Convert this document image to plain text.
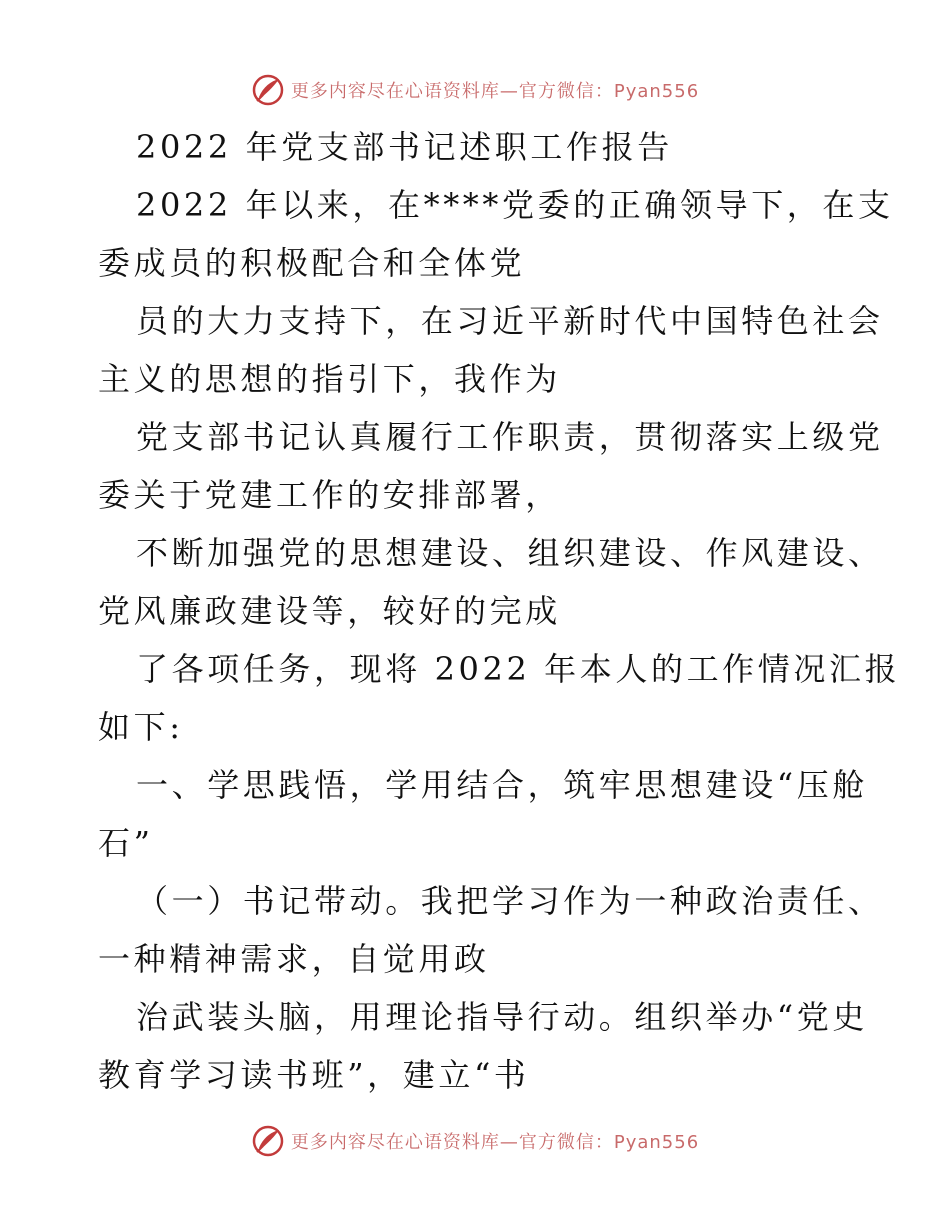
更多内容尽在心语资料库—官方微信：Pyan556
2022 年党支部书记述职工作报告
2022 年以来，在****党委的正确领导下，在支
委成员的积极配合和全体党
员的大力支持下，在习近平新时代中国特色社会
主义的思想的指引下，我作为
党支部书记认真履行工作职责，贯彻落实上级党
委关于党建工作的安排部署，
不断加强党的思想建设、组织建设、作风建设、
党风廉政建设等，较好的完成
了各项任务，现将 2022 年本人的工作情况汇报
如下:
一、学思践悟，学用结合，筑牢思想建设“压舱
石”
（一）书记带动。我把学习作为一种政治责任、
一种精神需求，自觉用政
治武装头脑，用理论指导行动。组织举办“党史
教育学习读书班”，建立“书
更多内容尽在心语资料库—官方微信：Pyan556
